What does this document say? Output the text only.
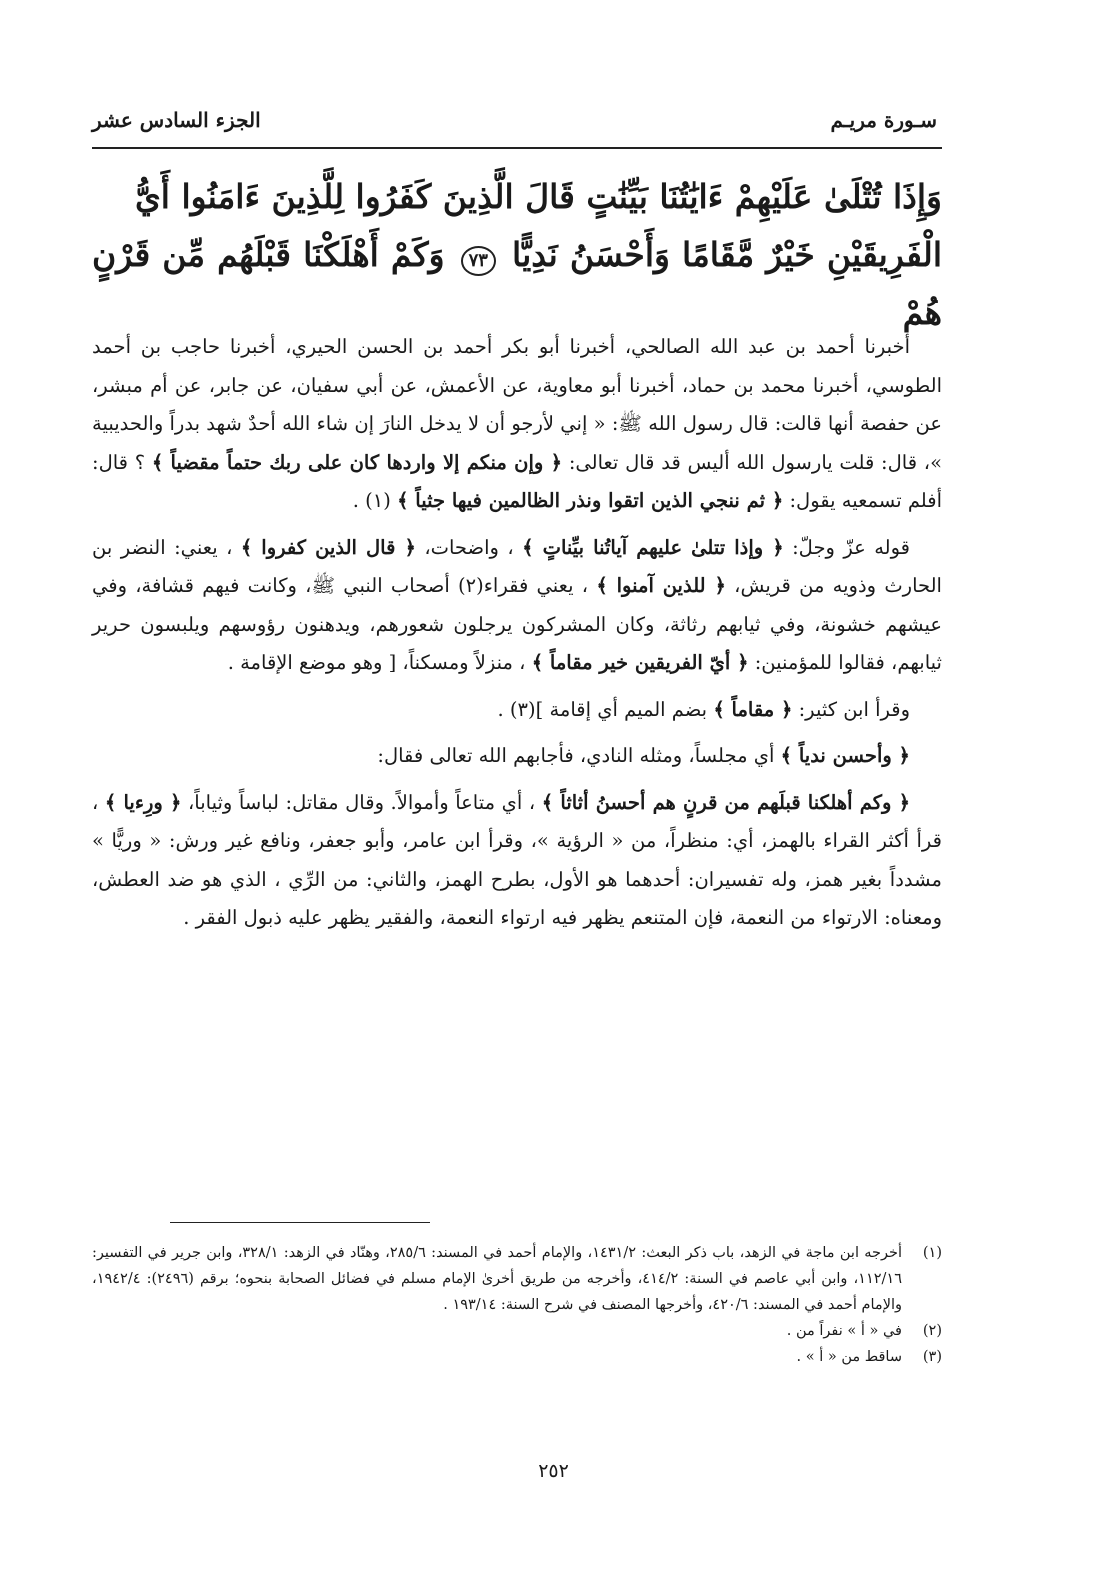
سـورة مريـم
الجزء السادس عشر
وَإِذَا تُتْلَىٰ عَلَيْهِمْ ءَايَٰتُنَا بَيِّنَٰتٍ قَالَ الَّذِينَ كَفَرُوا لِلَّذِينَ ءَامَنُوا أَيُّ
الْفَرِيقَيْنِ خَيْرٌ مَّقَامًا وَأَحْسَنُ نَدِيًّا ٧٣ وَكَمْ أَهْلَكْنَا قَبْلَهُم مِّن قَرْنٍ هُمْ

أخبرنا أحمد بن عبد الله الصالحي، أخبرنا أبو بكر أحمد بن الحسن الحيري، أخبرنا حاجب بن أحمد الطوسي، أخبرنا محمد بن حماد، أخبرنا أبو معاوية، عن الأعمش، عن أبي سفيان، عن جابر، عن أم مبشر، عن حفصة أنها قالت: قال رسول الله ﷺ: « إني لأرجو أن لا يدخل النارَ إن شاء الله أحدٌ شهد بدراً والحديبية »، قال: قلت يارسول الله أليس قد قال تعالى: ﴿ وإن منكم إلا واردها كان على ربك حتماً مقضياً ﴾ ؟ قال: أفلم تسمعيه يقول: ﴿ ثم ننجي الذين اتقوا ونذر الظالمين فيها جثياً ﴾ (١) .

قوله عزّ وجلّ: ﴿ وإذا تتلىٰ عليهم آياتُنا بيِّناتٍ ﴾ ، واضحات، ﴿ قال الذين كفروا ﴾ ، يعني: النضر بن الحارث وذويه من قريش، ﴿ للذين آمنوا ﴾ ، يعني فقراء(٢) أصحاب النبي ﷺ، وكانت فيهم قشافة، وفي عيشهم خشونة، وفي ثيابهم رثاثة، وكان المشركون يرجلون شعورهم، ويدهنون رؤوسهم ويلبسون حرير ثيابهم، فقالوا للمؤمنين: ﴿ أيّ الفريقين خير مقاماً ﴾ ، منزلاً ومسكناً، [ وهو موضع الإقامة .

وقرأ ابن كثير: ﴿ مقاماً ﴾ بضم الميم أي إقامة ](٣) .

﴿ وأحسن ندياً ﴾ أي مجلساً، ومثله النادي، فأجابهم الله تعالى فقال:

﴿ وكم أهلكنا قبلَهم من قرنٍ هم أحسنُ أثاثاً ﴾ ، أي متاعاً وأموالاً. وقال مقاتل: لباساً وثياباً، ﴿ ورِءيا ﴾ ، قرأ أكثر القراء بالهمز، أي: منظراً، من « الرؤية »، وقرأ ابن عامر، وأبو جعفر، ونافع غير ورش: « وريًّا » مشدداً بغير همز، وله تفسيران: أحدهما هو الأول، بطرح الهمز، والثاني: من الرِّي ، الذي هو ضد العطش، ومعناه: الارتواء من النعمة، فإن المتنعم يظهر فيه ارتواء النعمة، والفقير يظهر عليه ذبول الفقر .

(١)
أخرجه ابن ماجة في الزهد، باب ذكر البعث: ١٤٣١/٢، والإمام أحمد في المسند: ٢٨٥/٦، وهنّاد في الزهد: ٣٢٨/١، وابن جرير في التفسير: ١١٢/١٦، وابن أبي عاصم في السنة: ٤١٤/٢، وأخرجه من طريق أخرىٰ الإمام مسلم في فضائل الصحابة بنحوه؛ برقم (٢٤٩٦): ١٩٤٢/٤، والإمام أحمد في المسند: ٤٢٠/٦، وأخرجها المصنف في شرح السنة: ١٩٣/١٤ .
(٢)
في « أ » نفراً من .
(٣)
ساقط من « أ » .
٢٥٢
